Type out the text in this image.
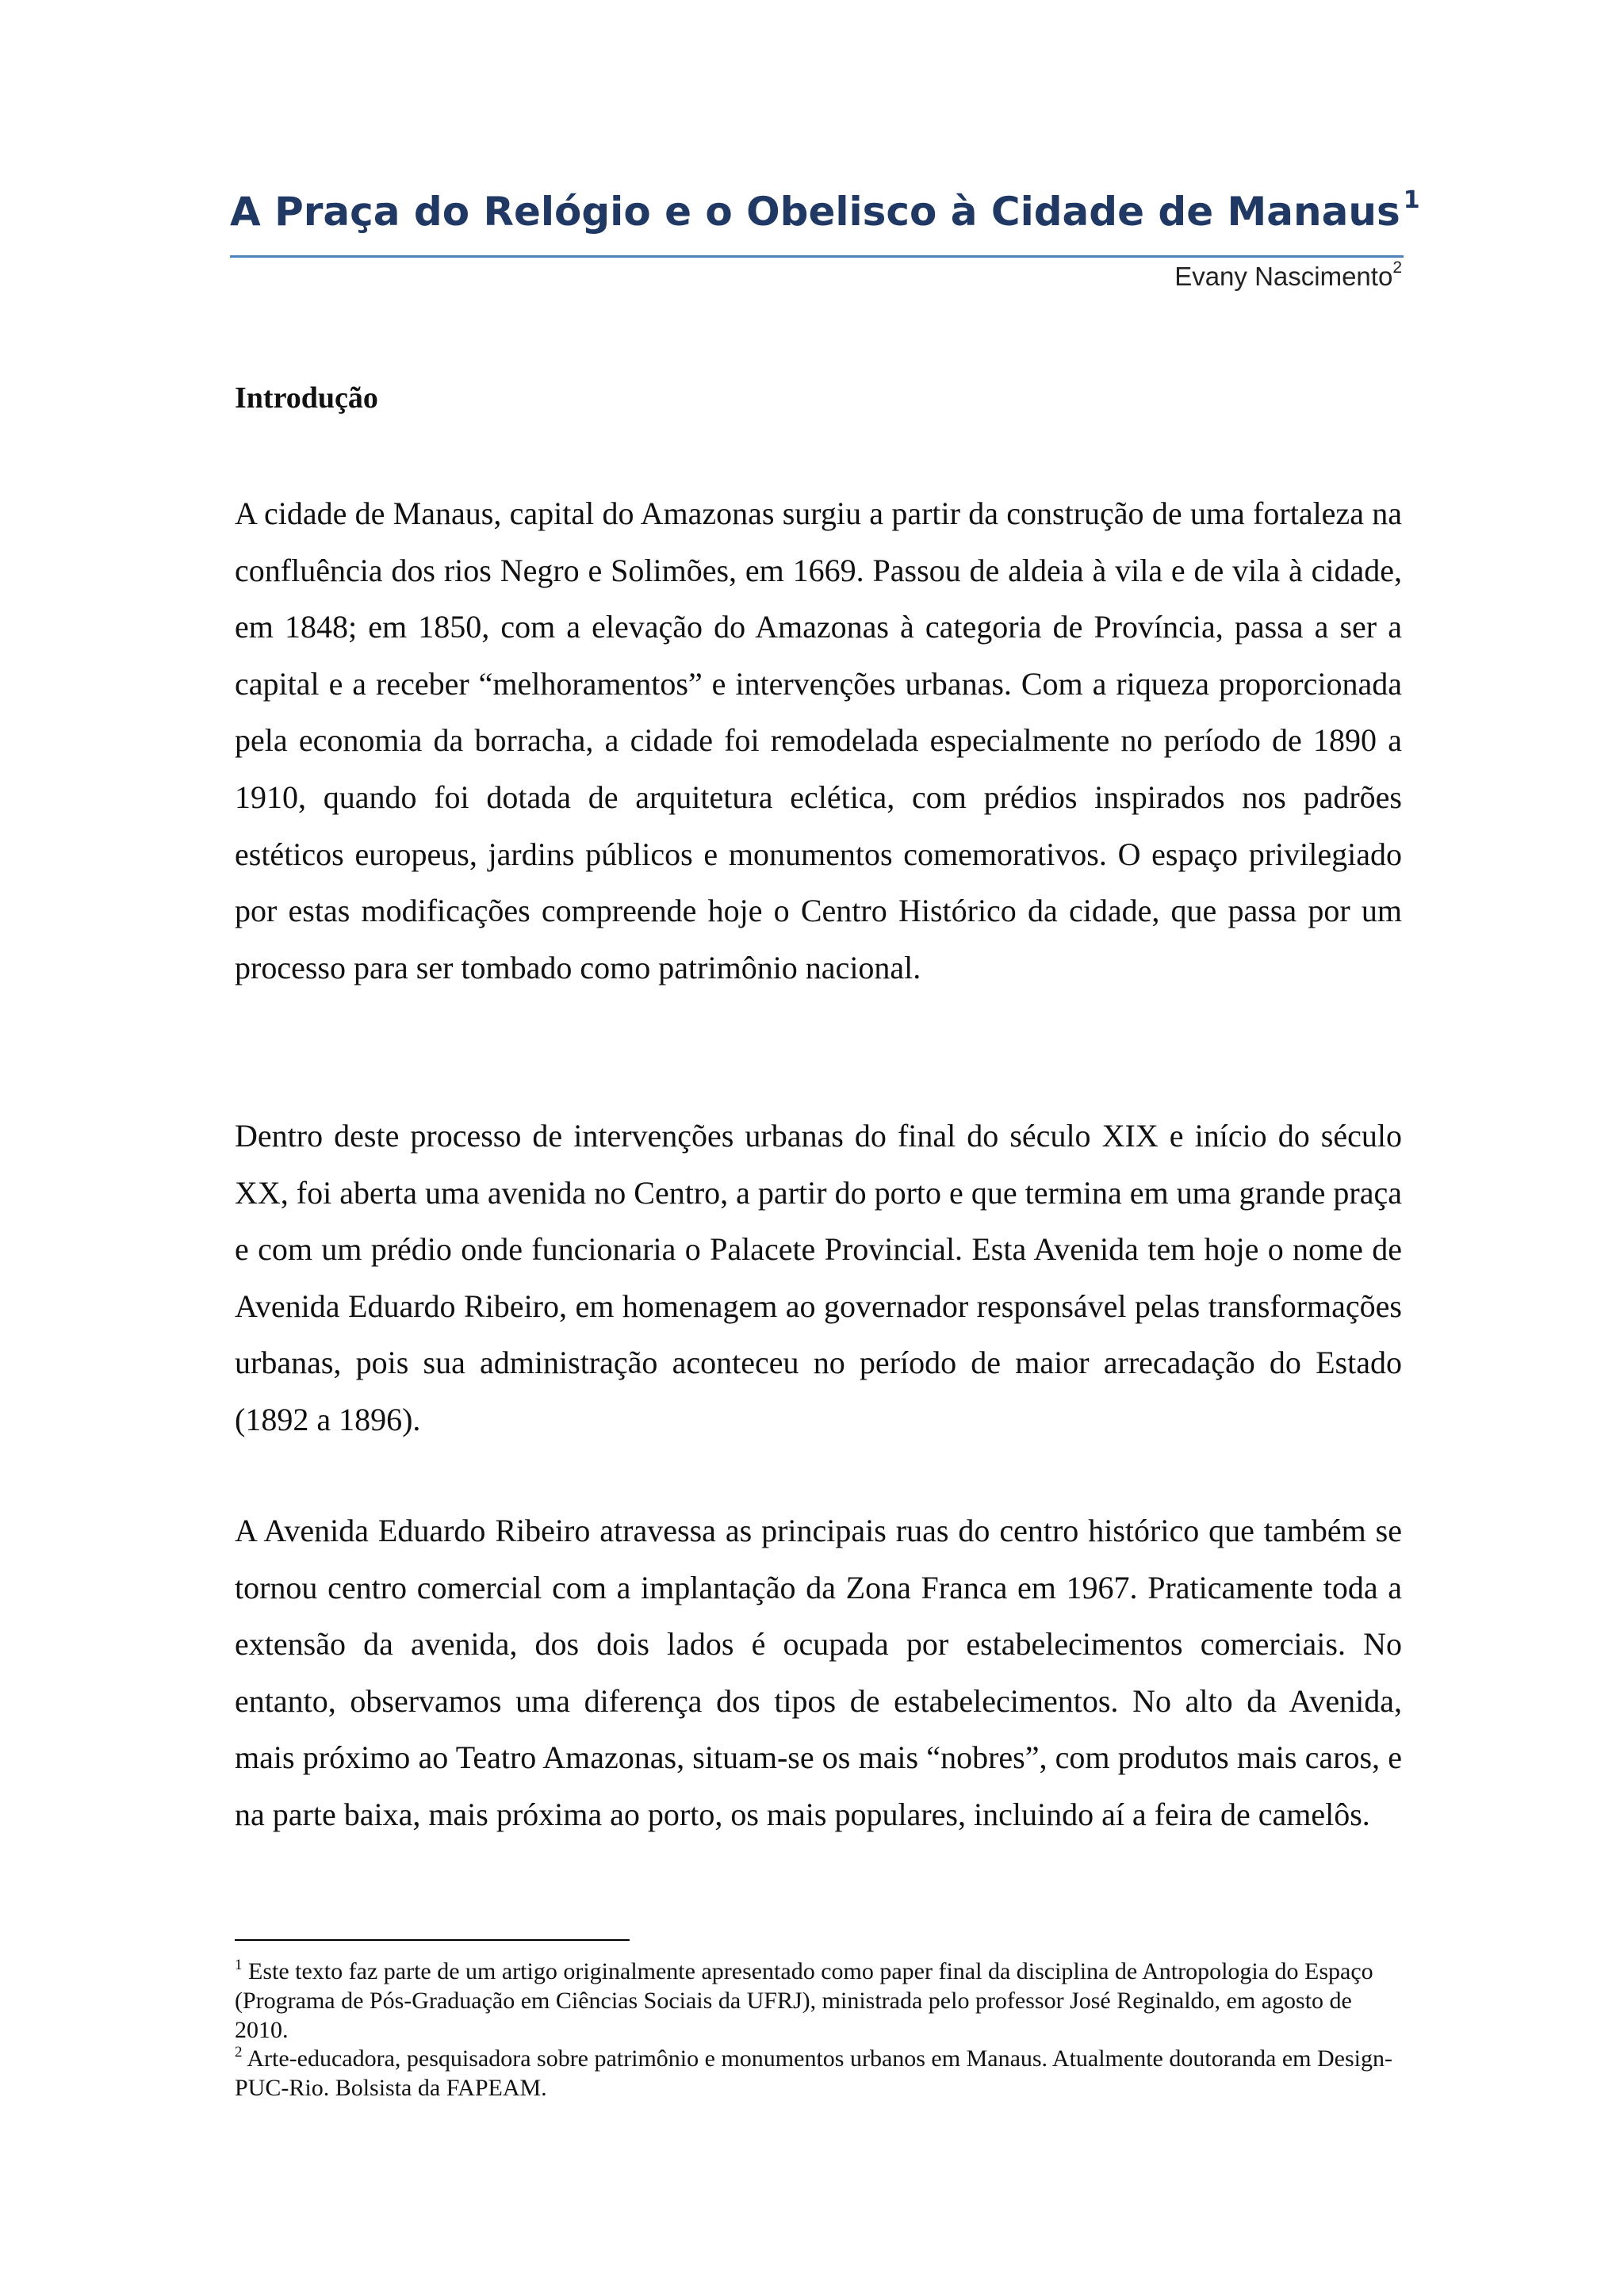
A Praça do Relógio e o Obelisco à Cidade de Manaus $^1$
Evany Nascimento$^2$
Introdução

A cidade de Manaus, capital do Amazonas surgiu a partir da construção de uma fortaleza na confluência dos rios Negro e Solimões, em 1669. Passou de aldeia à vila e de vila à cidade, em 1848; em 1850, com a elevação do Amazonas à categoria de Província, passa a ser a capital e a receber “melhoramentos” e intervenções urbanas. Com a riqueza proporcionada pela economia da borracha, a cidade foi remodelada especialmente no período de 1890 a 1910, quando foi dotada de arquitetura eclética, com prédios inspirados nos padrões estéticos europeus, jardins públicos e monumentos comemorativos. O espaço privilegiado por estas modificações compreende hoje o Centro Histórico da cidade, que passa por um processo para ser tombado como patrimônio nacional.

Dentro deste processo de intervenções urbanas do final do século XIX e início do século XX, foi aberta uma avenida no Centro, a partir do porto e que termina em uma grande praça e com um prédio onde funcionaria o Palacete Provincial. Esta Avenida tem hoje o nome de Avenida Eduardo Ribeiro, em homenagem ao governador responsável pelas transformações urbanas, pois sua administração aconteceu no período de maior arrecadação do Estado (1892 a 1896).

A Avenida Eduardo Ribeiro atravessa as principais ruas do centro histórico que também se tornou centro comercial com a implantação da Zona Franca em 1967. Praticamente toda a extensão da avenida, dos dois lados é ocupada por estabelecimentos comerciais. No entanto, observamos uma diferença dos tipos de estabelecimentos. No alto da Avenida, mais próximo ao Teatro Amazonas, situam-se os mais “nobres”, com produtos mais caros, e na parte baixa, mais próxima ao porto, os mais populares, incluindo aí a feira de camelôs.

$^1$ Este texto faz parte de um artigo originalmente apresentado como paper final da disciplina de Antropologia do Espaço (Programa de Pós-Graduação em Ciências Sociais da UFRJ), ministrada pelo professor José Reginaldo, em agosto de 2010.

$^2$ Arte-educadora, pesquisadora sobre patrimônio e monumentos urbanos em Manaus. Atualmente doutoranda em Design-PUC-Rio. Bolsista da FAPEAM.
